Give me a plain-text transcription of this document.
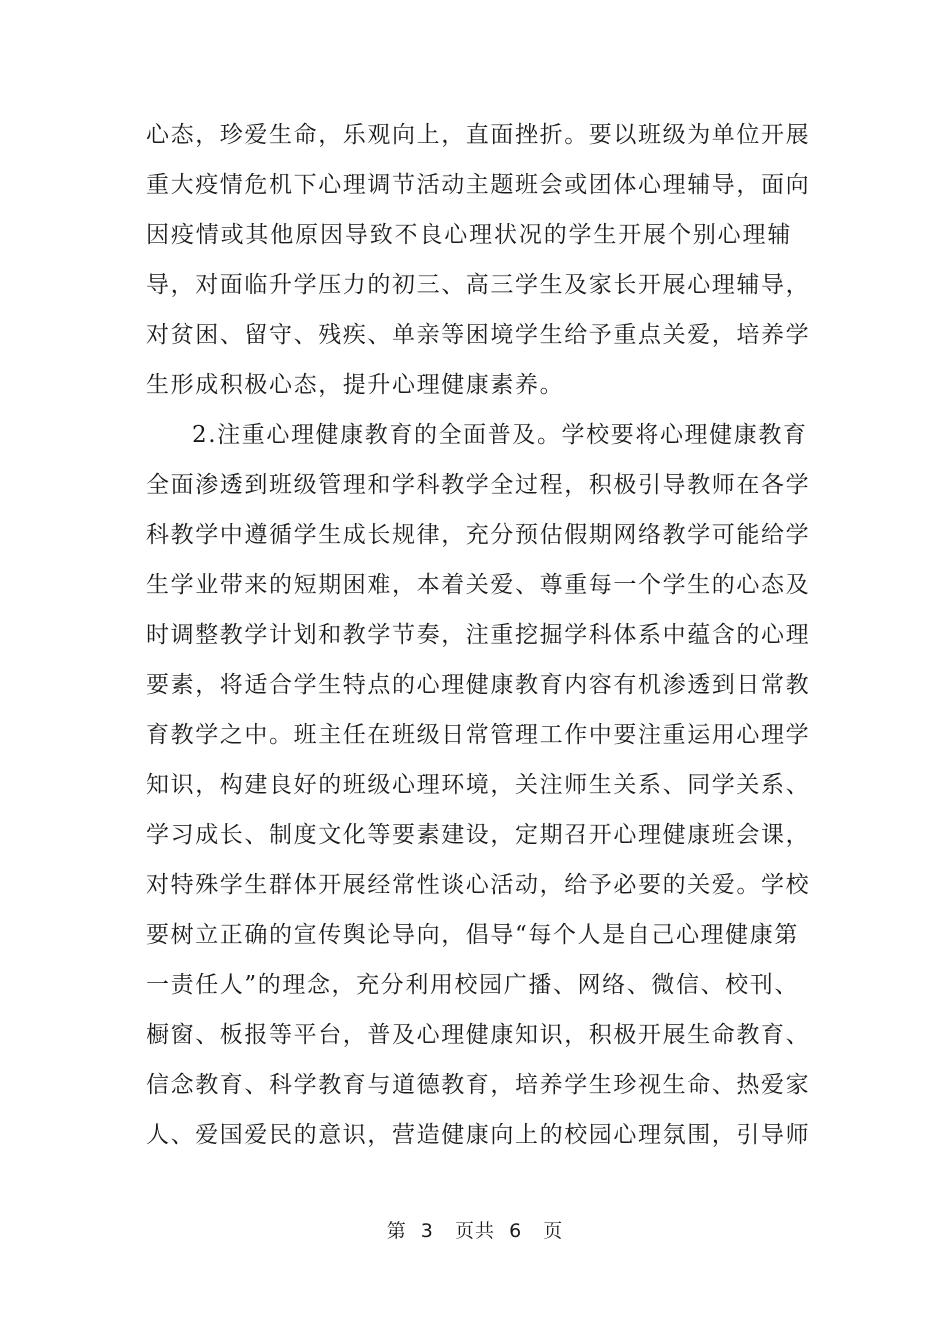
心态，珍爱生命，乐观向上，直面挫折。要以班级为单位开展
重大疫情危机下心理调节活动主题班会或团体心理辅导，面向
因疫情或其他原因导致不良心理状况的学生开展个别心理辅
导，对面临升学压力的初三、高三学生及家长开展心理辅导，
对贫困、留守、残疾、单亲等困境学生给予重点关爱，培养学
生形成积极心态，提升心理健康素养。
2.注重心理健康教育的全面普及。学校要将心理健康教育
全面渗透到班级管理和学科教学全过程，积极引导教师在各学
科教学中遵循学生成长规律，充分预估假期网络教学可能给学
生学业带来的短期困难，本着关爱、尊重每一个学生的心态及
时调整教学计划和教学节奏，注重挖掘学科体系中蕴含的心理
要素，将适合学生特点的心理健康教育内容有机渗透到日常教
育教学之中。班主任在班级日常管理工作中要注重运用心理学
知识，构建良好的班级心理环境，关注师生关系、同学关系、
学习成长、制度文化等要素建设，定期召开心理健康班会课，
对特殊学生群体开展经常性谈心活动，给予必要的关爱。学校
要树立正确的宣传舆论导向，倡导“每个人是自己心理健康第
一责任人”的理念，充分利用校园广播、网络、微信、校刊、
橱窗、板报等平台，普及心理健康知识，积极开展生命教育、
信念教育、科学教育与道德教育，培养学生珍视生命、热爱家
人、爱国爱民的意识，营造健康向上的校园心理氛围，引导师
第  3   页共  6   页
